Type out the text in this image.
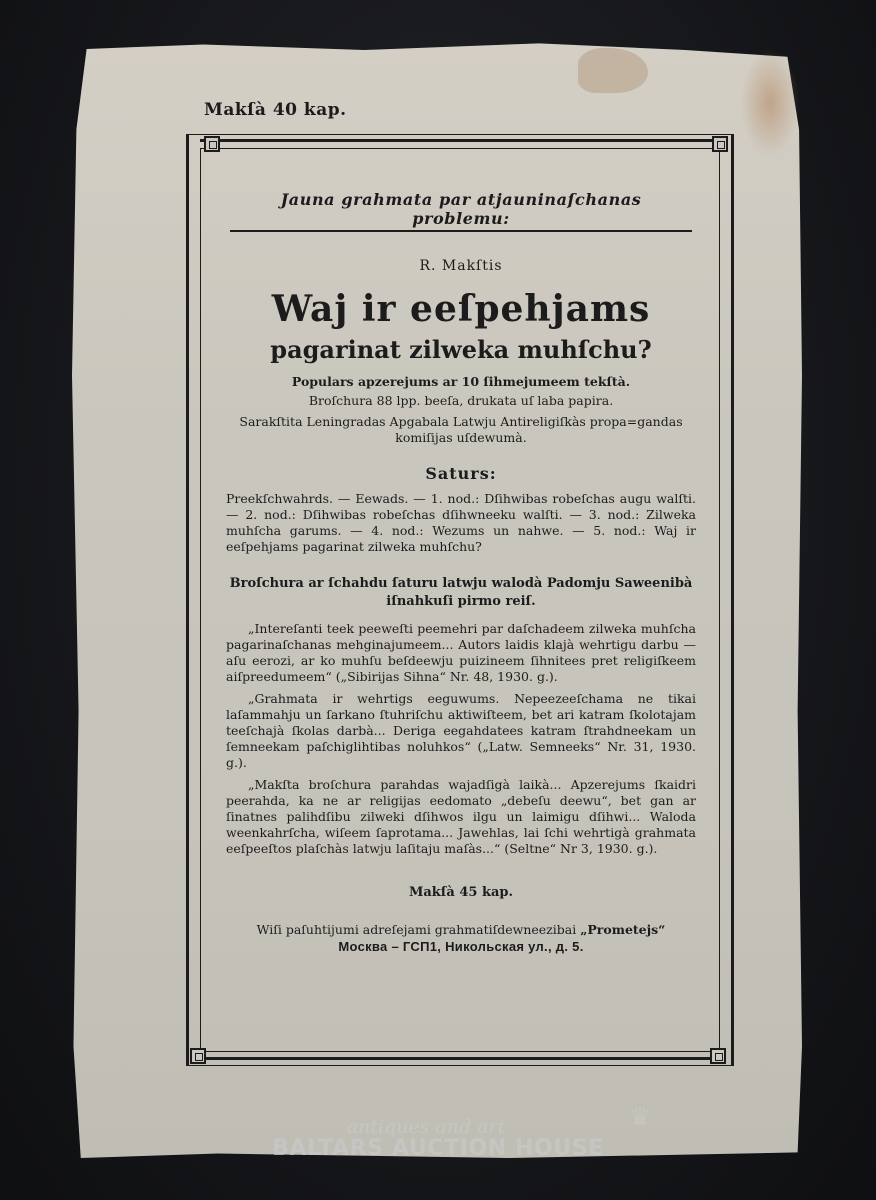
Makſà 40 kap.
Jauna grahmata par atjauninaſchanas problemu:
R. Makſtis
Waj ir eeſpehjams
pagarinat zilweka muhſchu?
Populars apzerejums ar 10 ſihmejumeem tekſtà.
Broſchura 88 lpp. beeſa, drukata uſ laba papira.
Sarakſtita Leningradas Apgabala Latwju Antireligiſkàs propa=gandas komiſijas uſdewumà.
Saturs:
Preekſchwahrds. — Eewads. — 1. nod.: Dſihwibas robeſchas augu walſti. — 2. nod.: Dſihwibas robeſchas dſihwneeku walſti. — 3. nod.: Zilweka muhſcha garums. — 4. nod.: Wezums un nahwe. — 5. nod.: Waj ir eeſpehjams pagarinat zilweka muhſchu?
Broſchura ar ſchahdu ſaturu latwju walodà Padomju Saweenibà iſnahkuſi pirmo reiſ.
„Intereſanti teek peeweſti peemehri par daſchadeem zilweka muhſcha pagarinaſchanas mehginajumeem... Autors laidis klajà wehrtigu darbu — aſu eerozi, ar ko muhſu beſdeewju puizineem ſihnitees pret religiſkeem aiſpreedumeem“ („Sibirijas Sihna“ Nr. 48, 1930. g.).
„Grahmata ir wehrtigs eeguwums. Nepeezeeſchama ne tikai laſammahju un ſarkano ſtuhriſchu aktiwiſteem, bet ari katram ſkolotajam teeſchajà ſkolas darbà... Deriga eegahdatees katram ſtrahdneekam un ſemneekam paſchiglihtibas noluhkos“ („Latw. Semneeks“ Nr. 31, 1930. g.).
„Makſta broſchura parahdas wajadſigà laikà... Apzerejums ſkaidri peerahda, ka ne ar religijas eedomato „debeſu deewu“, bet gan ar ſinatnes palihdſibu zilweki dſihwos ilgu un laimigu dſihwi... Waloda weenkahrſcha, wiſeem ſaprotama... Jawehlas, lai ſchi wehrtigà grahmata eeſpeeſtos plaſchàs latwju laſitaju maſàs...“ (Seltne“ Nr 3, 1930. g.).
Makſà 45 kap.
Wiſi paſuhtijumi adreſejami grahmatiſdewneezibai „Prometejs“
Москва – ГСП1, Никольская ул., д. 5.
antiques and art	♛
BALTARS AUCTION HOUSE
